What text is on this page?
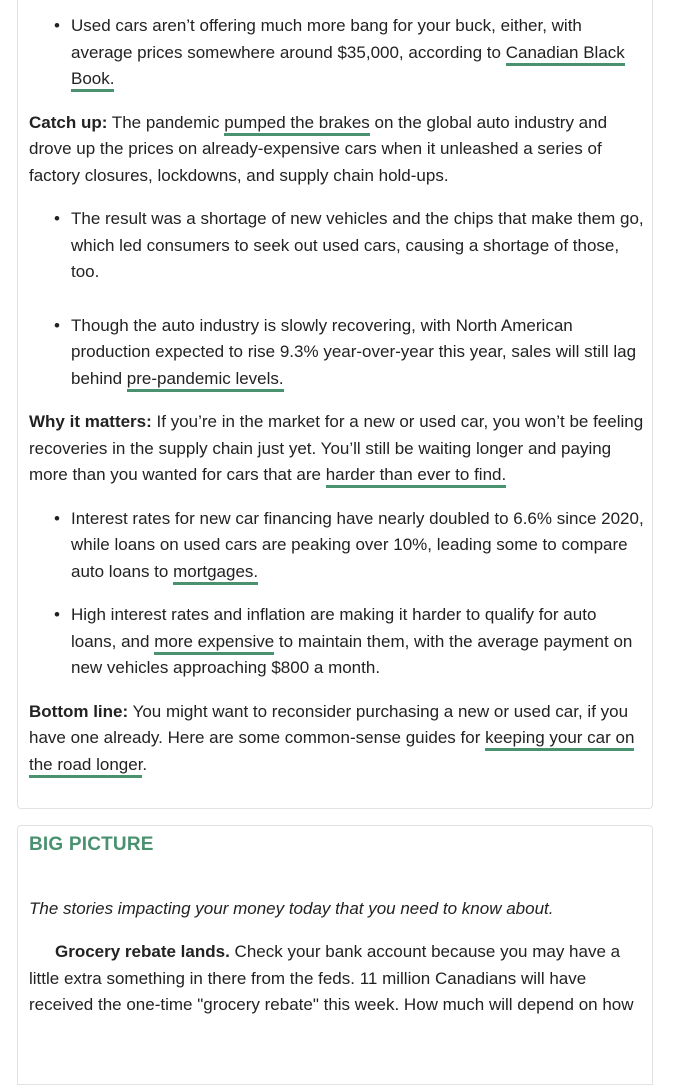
• Used cars aren’t offering much more bang for your buck, either, with average prices somewhere around $35,000, according to Canadian Black Book.

Catch up: The pandemic pumped the brakes on the global auto industry and drove up the prices on already-expensive cars when it unleashed a series of factory closures, lockdowns, and supply chain hold-ups.

• The result was a shortage of new vehicles and the chips that make them go, which led consumers to seek out used cars, causing a shortage of those, too.
• Though the auto industry is slowly recovering, with North American production expected to rise 9.3% year-over-year this year, sales will still lag behind pre-pandemic levels.

Why it matters: If you’re in the market for a new or used car, you won’t be feeling recoveries in the supply chain just yet. You’ll still be waiting longer and paying more than you wanted for cars that are harder than ever to find.

• Interest rates for new car financing have nearly doubled to 6.6% since 2020, while loans on used cars are peaking over 10%, leading some to compare auto loans to mortgages.
• High interest rates and inflation are making it harder to qualify for auto loans, and more expensive to maintain them, with the average payment on new vehicles approaching $800 a month.

Bottom line: You might want to reconsider purchasing a new or used car, if you have one already. Here are some common-sense guides for keeping your car on the road longer.

BIG PICTURE

The stories impacting your money today that you need to know about.

Grocery rebate lands. Check your bank account because you may have a little extra something in there from the feds. 11 million Canadians will have received the one-time "grocery rebate" this week. How much will depend on how
